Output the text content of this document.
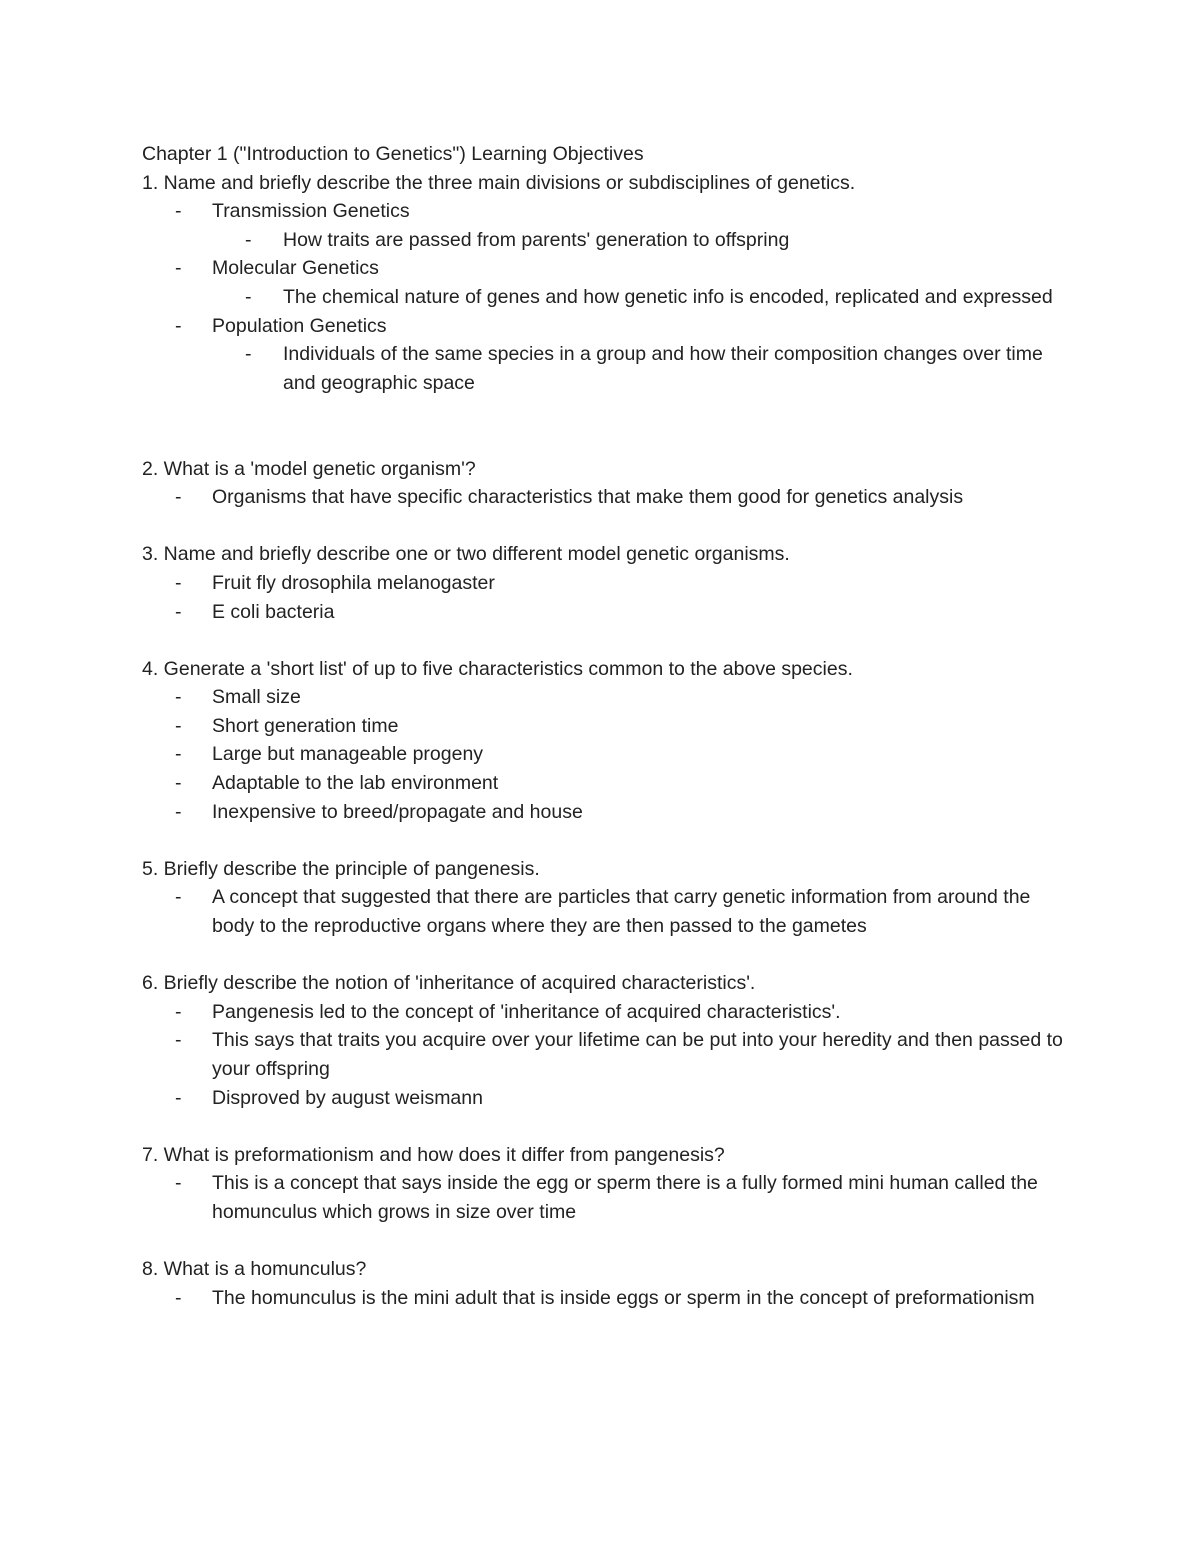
Chapter 1 ("Introduction to Genetics") Learning Objectives

1. Name and briefly describe the three main divisions or subdisciplines of genetics.

- Transmission Genetics
- How traits are passed from parents' generation to offspring
- Molecular Genetics
- The chemical nature of genes and how genetic info is encoded, replicated and expressed
- Population Genetics
- Individuals of the same species in a group and how their composition changes over time and geographic space

2. What is a 'model genetic organism'?

- Organisms that have specific characteristics that make them good for genetics analysis

3. Name and briefly describe one or two different model genetic organisms.

- Fruit fly drosophila melanogaster
- E coli bacteria

4. Generate a 'short list' of up to five characteristics common to the above species.

- Small size
- Short generation time
- Large but manageable progeny
- Adaptable to the lab environment
- Inexpensive to breed/propagate and house

5. Briefly describe the principle of pangenesis.

- A concept that suggested that there are particles that carry genetic information from around the body to the reproductive organs where they are then passed to the gametes

6. Briefly describe the notion of 'inheritance of acquired characteristics'.

- Pangenesis led to the concept of 'inheritance of acquired characteristics'.
- This says that traits you acquire over your lifetime can be put into your heredity and then passed to your offspring
- Disproved by august weismann

7. What is preformationism and how does it differ from pangenesis?

- This is a concept that says inside the egg or sperm there is a fully formed mini human called the homunculus which grows in size over time

8. What is a homunculus?

- The homunculus is the mini adult that is inside eggs or sperm in the concept of preformationism
